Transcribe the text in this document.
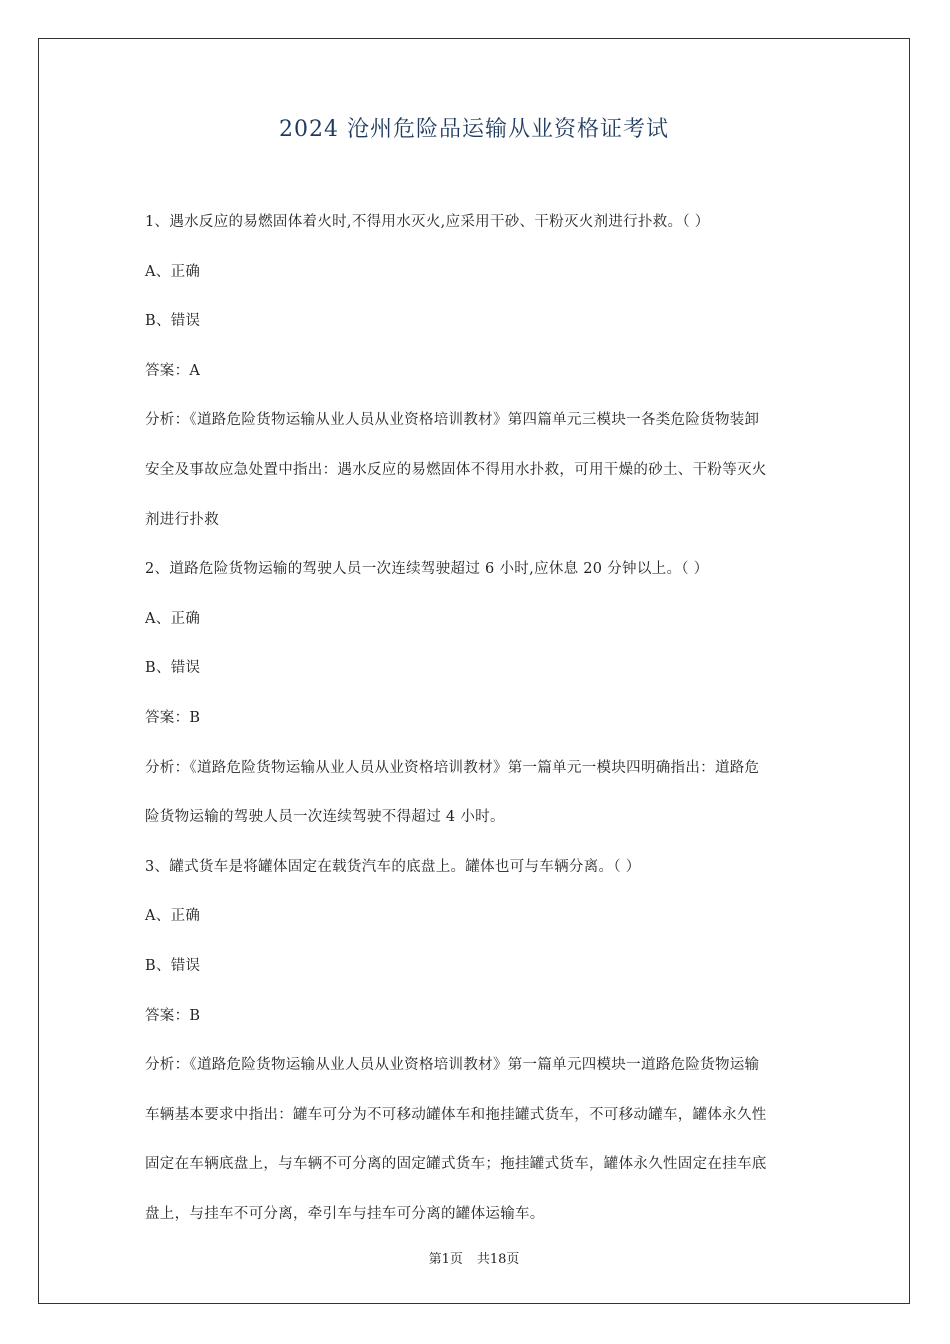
2024 沧州危险品运输从业资格证考试
1、遇水反应的易燃固体着火时,不得用水灭火,应采用干砂、干粉灭火剂进行扑救。（ ）
A、正确
B、错误
答案：A
分析：《道路危险货物运输从业人员从业资格培训教材》第四篇单元三模块一各类危险货物装卸
安全及事故应急处置中指出：遇水反应的易燃固体不得用水扑救，可用干燥的砂土、干粉等灭火
剂进行扑救
2、道路危险货物运输的驾驶人员一次连续驾驶超过 6 小时,应休息 20 分钟以上。（ ）
A、正确
B、错误
答案：B
分析：《道路危险货物运输从业人员从业资格培训教材》第一篇单元一模块四明确指出：道路危
险货物运输的驾驶人员一次连续驾驶不得超过 4 小时。
3、罐式货车是将罐体固定在载货汽车的底盘上。罐体也可与车辆分离。（ ）
A、正确
B、错误
答案：B
分析：《道路危险货物运输从业人员从业资格培训教材》第一篇单元四模块一道路危险货物运输
车辆基本要求中指出：罐车可分为不可移动罐体车和拖挂罐式货车，不可移动罐车，罐体永久性
固定在车辆底盘上，与车辆不可分离的固定罐式货车；拖挂罐式货车，罐体永久性固定在挂车底
盘上，与挂车不可分离，牵引车与挂车可分离的罐体运输车。
第1页 共18页
